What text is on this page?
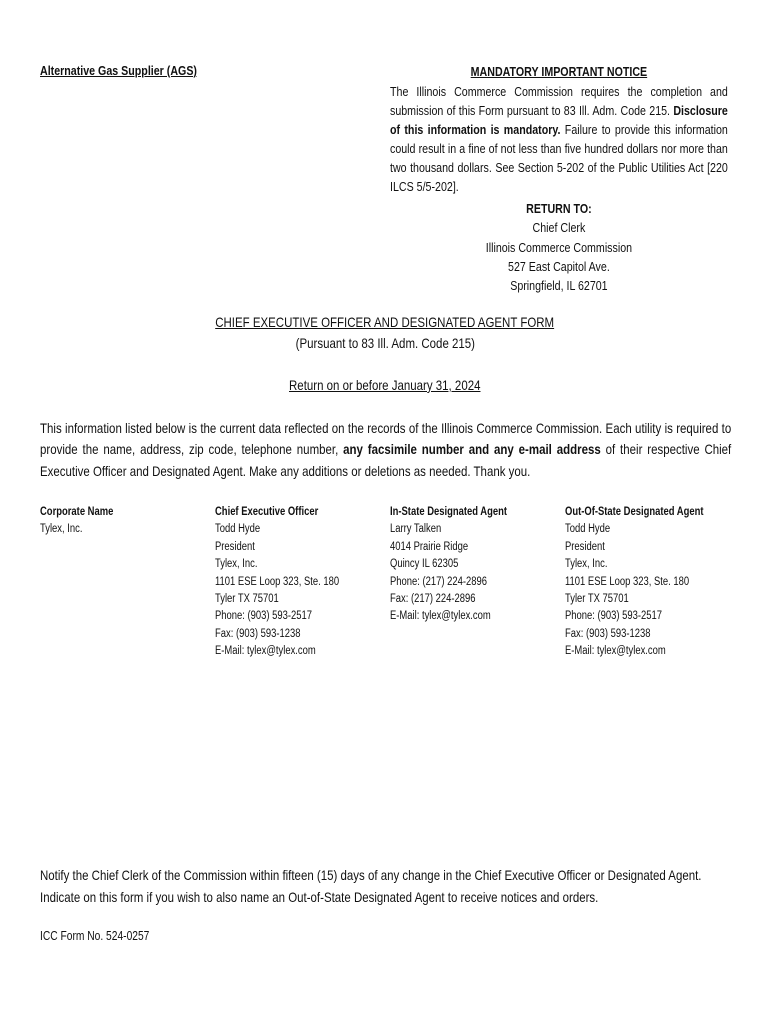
Alternative Gas Supplier (AGS)	MANDATORY IMPORTANT NOTICE
The Illinois Commerce Commission requires the completion and submission of this Form pursuant to 83 Ill. Adm. Code 215. Disclosure of this information is mandatory. Failure to provide this information could result in a fine of not less than five hundred dollars nor more than two thousand dollars. See Section 5-202 of the Public Utilities Act [220 ILCS 5/5-202].
RETURN TO:
Chief Clerk
Illinois Commerce Commission
527 East Capitol Ave.
Springfield, IL 62701
CHIEF EXECUTIVE OFFICER AND DESIGNATED AGENT FORM
(Pursuant to 83 Ill. Adm. Code 215)
Return on or before January 31, 2024
This information listed below is the current data reflected on the records of the Illinois Commerce Commission. Each utility is required to provide the name, address, zip code, telephone number, any facsimile number and any e-mail address of their respective Chief Executive Officer and Designated Agent. Make any additions or deletions as needed. Thank you.
Corporate Name
Tylex, Inc.
Chief Executive Officer
Todd Hyde
President
Tylex, Inc.
1101 ESE Loop 323, Ste. 180
Tyler TX 75701
Phone: (903) 593-2517
Fax: (903) 593-1238
E-Mail: tylex@tylex.com
In-State Designated Agent
Larry Talken
4014 Prairie Ridge
Quincy IL 62305
Phone: (217) 224-2896
Fax: (217) 224-2896
E-Mail: tylex@tylex.com
Out-Of-State Designated Agent
Todd Hyde
President
Tylex, Inc.
1101 ESE Loop 323, Ste. 180
Tyler TX 75701
Phone: (903) 593-2517
Fax: (903) 593-1238
E-Mail: tylex@tylex.com
Notify the Chief Clerk of the Commission within fifteen (15) days of any change in the Chief Executive Officer or Designated Agent.
Indicate on this form if you wish to also name an Out-of-State Designated Agent to receive notices and orders.
ICC Form No. 524-0257
